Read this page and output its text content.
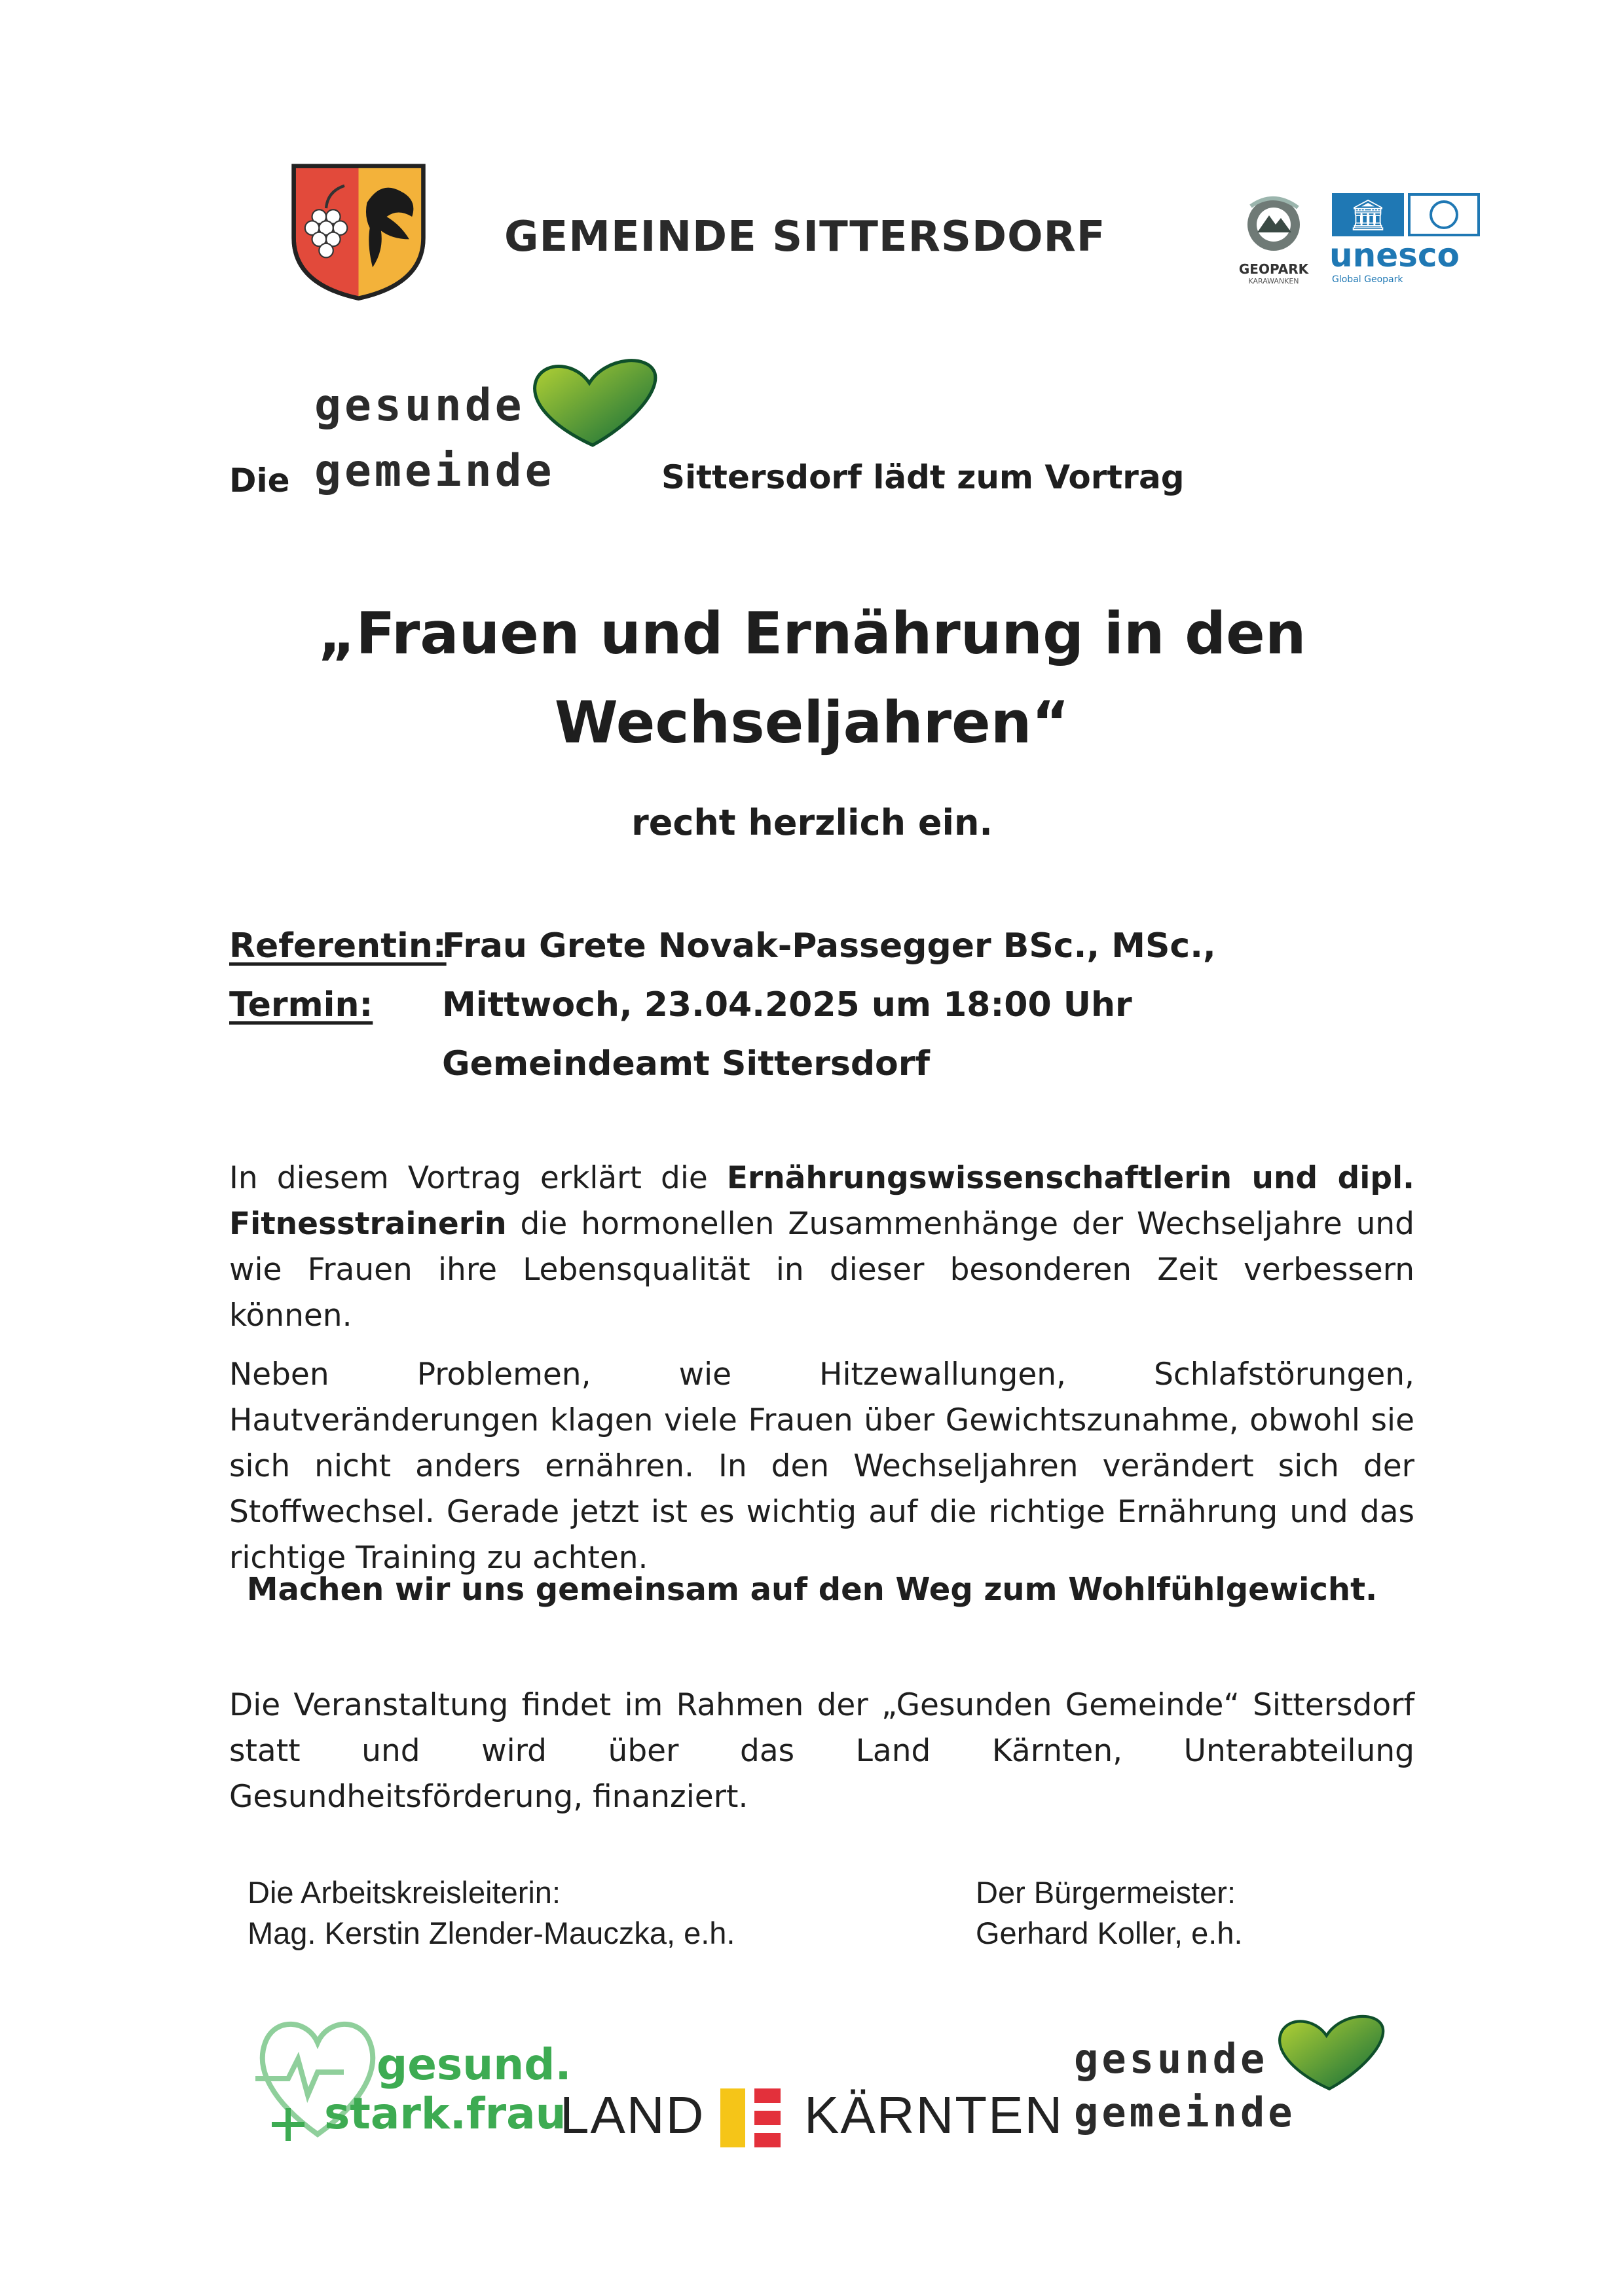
GEMEINDE SITTERSDORF
GEOPARK
KARAWANKEN
🏛
unesco
Global Geopark
Die
gesunde
gemeinde	Sittersdorf lädt zum Vortrag
„Frauen und Ernährung in den
Wechseljahren“
recht herzlich ein.
Referentin:
Frau Grete Novak-Passegger BSc., MSc.,
Termin: Mittwoch, 23.04.2025 um 18:00 Uhr
Gemeindeamt Sittersdorf
In diesem Vortrag erklärt die Ernährungswissenschaftlerin und dipl. Fitnesstrainerin die hormonellen Zusammenhänge der Wechseljahre und wie Frauen ihre Lebensqualität in dieser besonderen Zeit verbessern können.
Neben Problemen, wie Hitzewallungen, Schlafstörungen, Hautveränderungen klagen viele Frauen über Gewichtszunahme, obwohl sie sich nicht anders ernähren. In den Wechseljahren verändert sich der Stoffwechsel. Gerade jetzt ist es wichtig auf die richtige Ernährung und das richtige Training zu achten.
Machen wir uns gemeinsam auf den Weg zum Wohlfühlgewicht.
Die Veranstaltung findet im Rahmen der „Gesunden Gemeinde“ Sittersdorf statt und wird über das Land Kärnten, Unterabteilung Gesundheitsförderung, finanziert.
Die Arbeitskreisleiterin:
Mag. Kerstin Zlender-Mauczka, e.h.
Der Bürgermeister:
Gerhard Koller, e.h.
gesund.
stark.frau
LAND KÄRNTEN
gesunde
gemeinde
